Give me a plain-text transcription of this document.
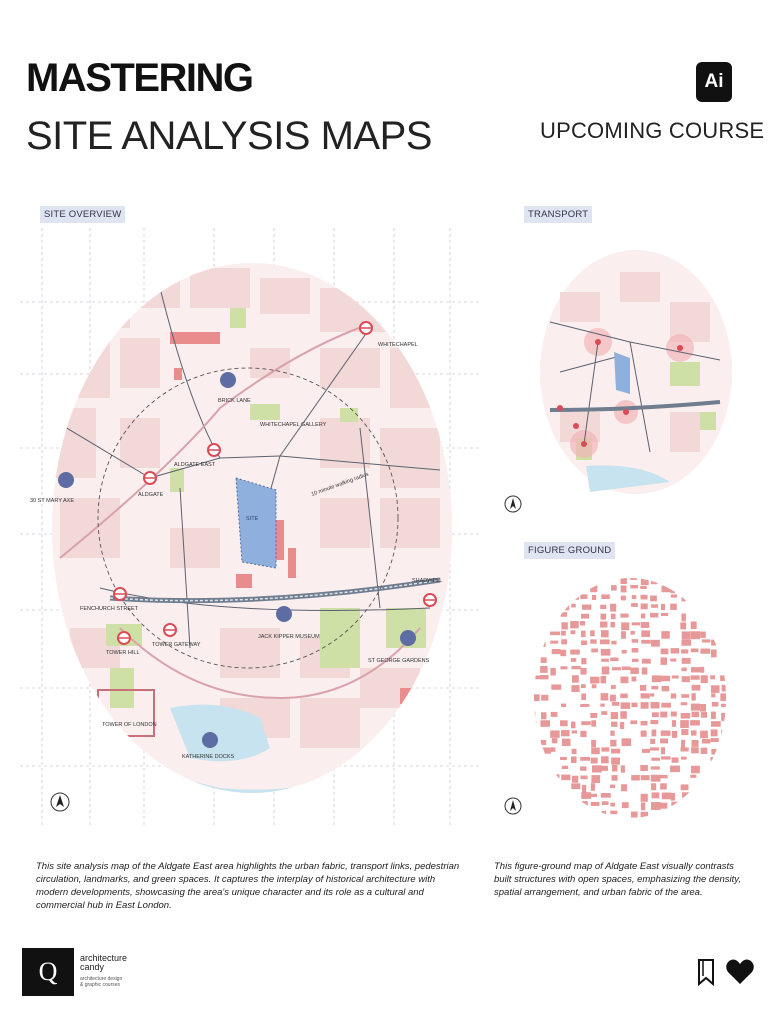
MASTERING
SITE ANALYSIS MAPS
Ai
UPCOMING COURSE
SITE OVERVIEW	TRANSPORT
FIGURE GROUND
WHITECHAPEL
BRICK LANE
WHITECHAPEL GALLERY
ALDGATE EAST
ALDGATE
30 ST MARY AXE
SITE
10 minute walking radius
SHADWELL
FENCHURCH STREET
TOWER GATEWAY
TOWER HILL
JACK KIPPER MUSEUM
ST GEORGE GARDENS
TOWER OF LONDON
KATHERINE DOCKS
This site analysis map of the Aldgate East area highlights the urban fabric, transport links, pedestrian circulation, landmarks, and green spaces. It captures the interplay of historical architecture with modern developments, showcasing the area's unique character and its role as a cultural and commercial hub in East London.
This figure-ground map of Aldgate East visually contrasts built structures with open spaces, emphasizing the density, spatial arrangement, and urban fabric of the area.
Q	architecture candy
architecture design & graphic courses
